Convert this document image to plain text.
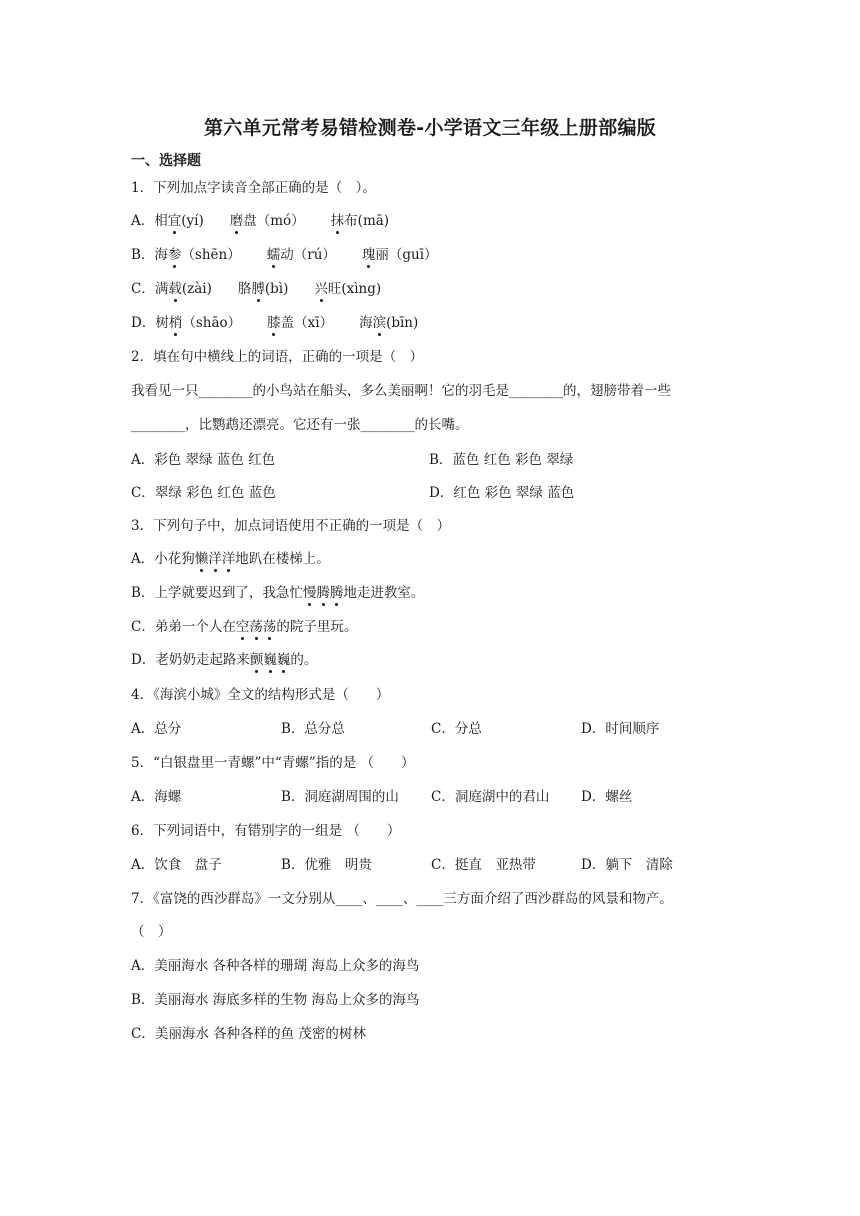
第六单元常考易错检测卷-小学语文三年级上册部编版
一、选择题
1．下列加点字读音全部正确的是（　）。
A．相宜(yí) 磨盘（mó） 抹布(mā)
B．海参（shēn） 蠕动（rú） 瑰丽（guī）
C．满载(zài) 胳膊(bì) 兴旺(xìng)
D．树梢（shāo） 膝盖（xī） 海滨(bīn)
2．填在句中横线上的词语，正确的一项是（　）
我看见一只________的小鸟站在船头，多么美丽啊！它的羽毛是________的，翅膀带着一些
________，比鹦鹉还漂亮。它还有一张________的长嘴。
A．彩色 翠绿 蓝色 红色	B．蓝色 红色 彩色 翠绿
C．翠绿 彩色 红色 蓝色	D．红色 彩色 翠绿 蓝色
3．下列句子中，加点词语使用不正确的一项是（　）
A．小花狗懒洋洋地趴在楼梯上。
B．上学就要迟到了，我急忙慢腾腾地走进教室。
C．弟弟一个人在空荡荡的院子里玩。
D．老奶奶走起路来颤巍巍的。
4．《海滨小城》全文的结构形式是（　　）
A．总分	B．总分总	C．分总	D．时间顺序
5．“白银盘里一青螺”中“青螺”指的是 （　　）
A．海螺	B．洞庭湖周围的山 C．洞庭湖中的君山 D．螺丝
6．下列词语中，有错别字的一组是 （　　）
A．饮食　盘子	B．优雅　明贵	C．挺直　亚热带	D．躺下　清除
7．《富饶的西沙群岛》一文分别从____、____、____三方面介绍了西沙群岛的风景和物产。
（　）
A．美丽海水 各种各样的珊瑚 海岛上众多的海鸟
B．美丽海水 海底多样的生物 海岛上众多的海鸟
C．美丽海水 各种各样的鱼 茂密的树林
